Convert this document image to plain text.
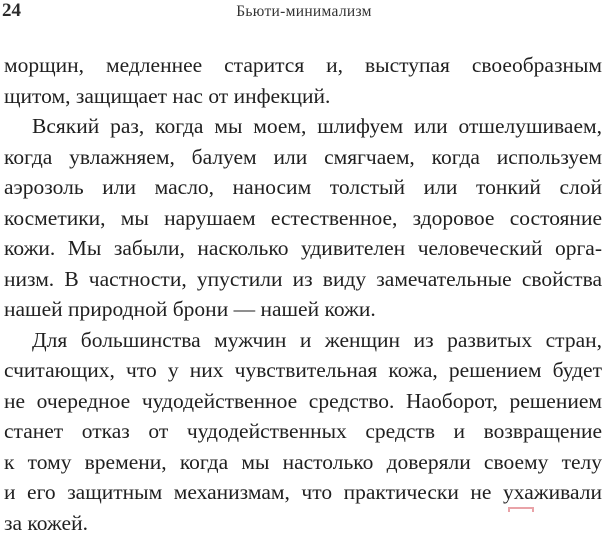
24	Бьюти-минимализм
морщин, медленнее старится и, выступая своеобразным
щитом, защищает нас от инфекций.
Всякий раз, когда мы моем, шлифуем или отшелушиваем,
когда увлажняем, балуем или смягчаем, когда используем
аэрозоль или масло, наносим толстый или тонкий слой
косметики, мы нарушаем естественное, здоровое состояние
кожи. Мы забыли, насколько удивителен человеческий орга-
низм. В частности, упустили из виду замечательные свойства
нашей природной брони — нашей кожи.
Для большинства мужчин и женщин из развитых стран,
считающих, что у них чувствительная кожа, решением будет
не очередное чудодейственное средство. Наоборот, решением
станет отказ от чудодейственных средств и возвращение
к тому времени, когда мы настолько доверяли своему телу
и его защитным механизмам, что практически не ухаживали
за кожей.
